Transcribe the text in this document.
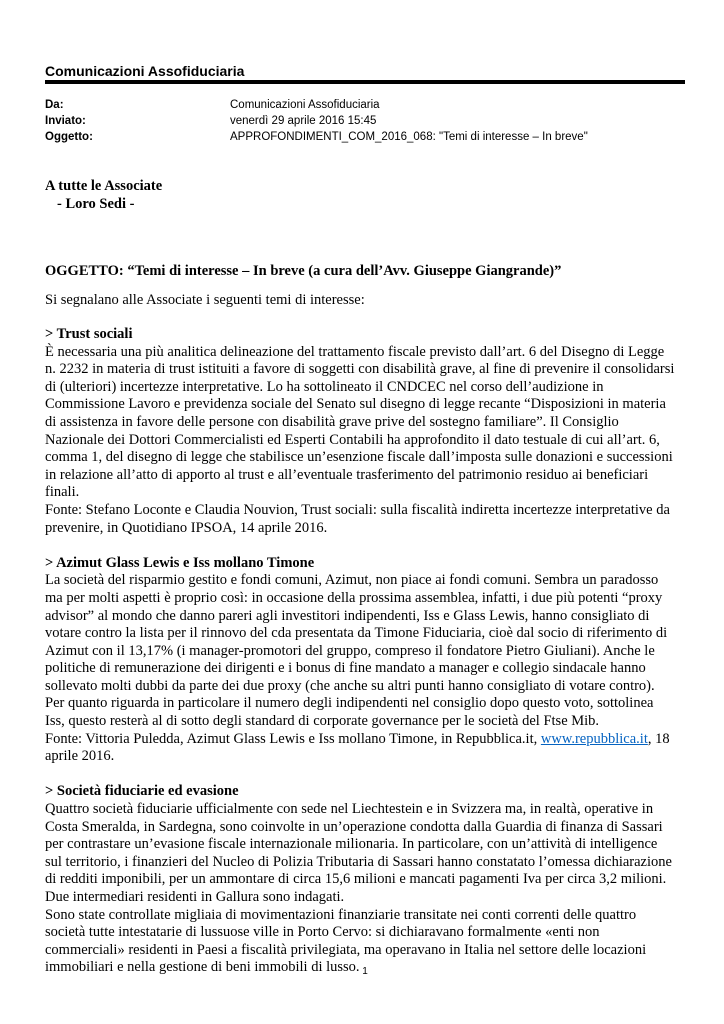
Comunicazioni Assofiduciaria
Da:	Comunicazioni Assofiduciaria
Inviato:	venerdì 29 aprile 2016 15:45
Oggetto:	APPROFONDIMENTI_COM_2016_068: "Temi di interesse – In breve"
A tutte le Associate
- Loro Sedi -
OGGETTO: “Temi di interesse – In breve (a cura dell’Avv. Giuseppe Giangrande)”
Si segnalano alle Associate i seguenti temi di interesse:

> Trust sociali

È necessaria una più analitica delineazione del trattamento fiscale previsto dall’art. 6 del Disegno di Legge

n. 2232 in materia di trust istituiti a favore di soggetti con disabilità grave, al fine di prevenire il consolidarsi

di (ulteriori) incertezze interpretative. Lo ha sottolineato il CNDCEC nel corso dell’audizione in

Commissione Lavoro e previdenza sociale del Senato sul disegno di legge recante “Disposizioni in materia

di assistenza in favore delle persone con disabilità grave prive del sostegno familiare”. Il Consiglio

Nazionale dei Dottori Commercialisti ed Esperti Contabili ha approfondito il dato testuale di cui all’art. 6,

comma 1, del disegno di legge che stabilisce un’esenzione fiscale dall’imposta sulle donazioni e successioni

in relazione all’atto di apporto al trust e all’eventuale trasferimento del patrimonio residuo ai beneficiari

finali.

Fonte: Stefano Loconte e Claudia Nouvion, Trust sociali: sulla fiscalità indiretta incertezze interpretative da

prevenire, in Quotidiano IPSOA, 14 aprile 2016.

> Azimut Glass Lewis e Iss mollano Timone

La società del risparmio gestito e fondi comuni, Azimut, non piace ai fondi comuni. Sembra un paradosso

ma per molti aspetti è proprio così: in occasione della prossima assemblea, infatti, i due più potenti “proxy

advisor” al mondo che danno pareri agli investitori indipendenti, Iss e Glass Lewis, hanno consigliato di

votare contro la lista per il rinnovo del cda presentata da Timone Fiduciaria, cioè dal socio di riferimento di

Azimut con il 13,17% (i manager-promotori del gruppo, compreso il fondatore Pietro Giuliani). Anche le

politiche di remunerazione dei dirigenti e i bonus di fine mandato a manager e collegio sindacale hanno

sollevato molti dubbi da parte dei due proxy (che anche su altri punti hanno consigliato di votare contro).

Per quanto riguarda in particolare il numero degli indipendenti nel consiglio dopo questo voto, sottolinea

Iss, questo resterà al di sotto degli standard di corporate governance per le società del Ftse Mib.

Fonte: Vittoria Puledda, Azimut Glass Lewis e Iss mollano Timone, in Repubblica.it, www.repubblica.it, 18

aprile 2016.

> Società fiduciarie ed evasione

Quattro società fiduciarie ufficialmente con sede nel Liechtestein e in Svizzera ma, in realtà, operative in

Costa Smeralda, in Sardegna, sono coinvolte in un’operazione condotta dalla Guardia di finanza di Sassari

per contrastare un’evasione fiscale internazionale milionaria. In particolare, con un’attività di intelligence

sul territorio, i finanzieri del Nucleo di Polizia Tributaria di Sassari hanno constatato l’omessa dichiarazione

di redditi imponibili, per un ammontare di circa 15,6 milioni e mancati pagamenti Iva per circa 3,2 milioni.

Due intermediari residenti in Gallura sono indagati.

Sono state controllate migliaia di movimentazioni finanziarie transitate nei conti correnti delle quattro

società tutte intestatarie di lussuose ville in Porto Cervo: si dichiaravano formalmente «enti non

commerciali» residenti in Paesi a fiscalità privilegiata, ma operavano in Italia nel settore delle locazioni

immobiliari e nella gestione di beni immobili di lusso. 1
